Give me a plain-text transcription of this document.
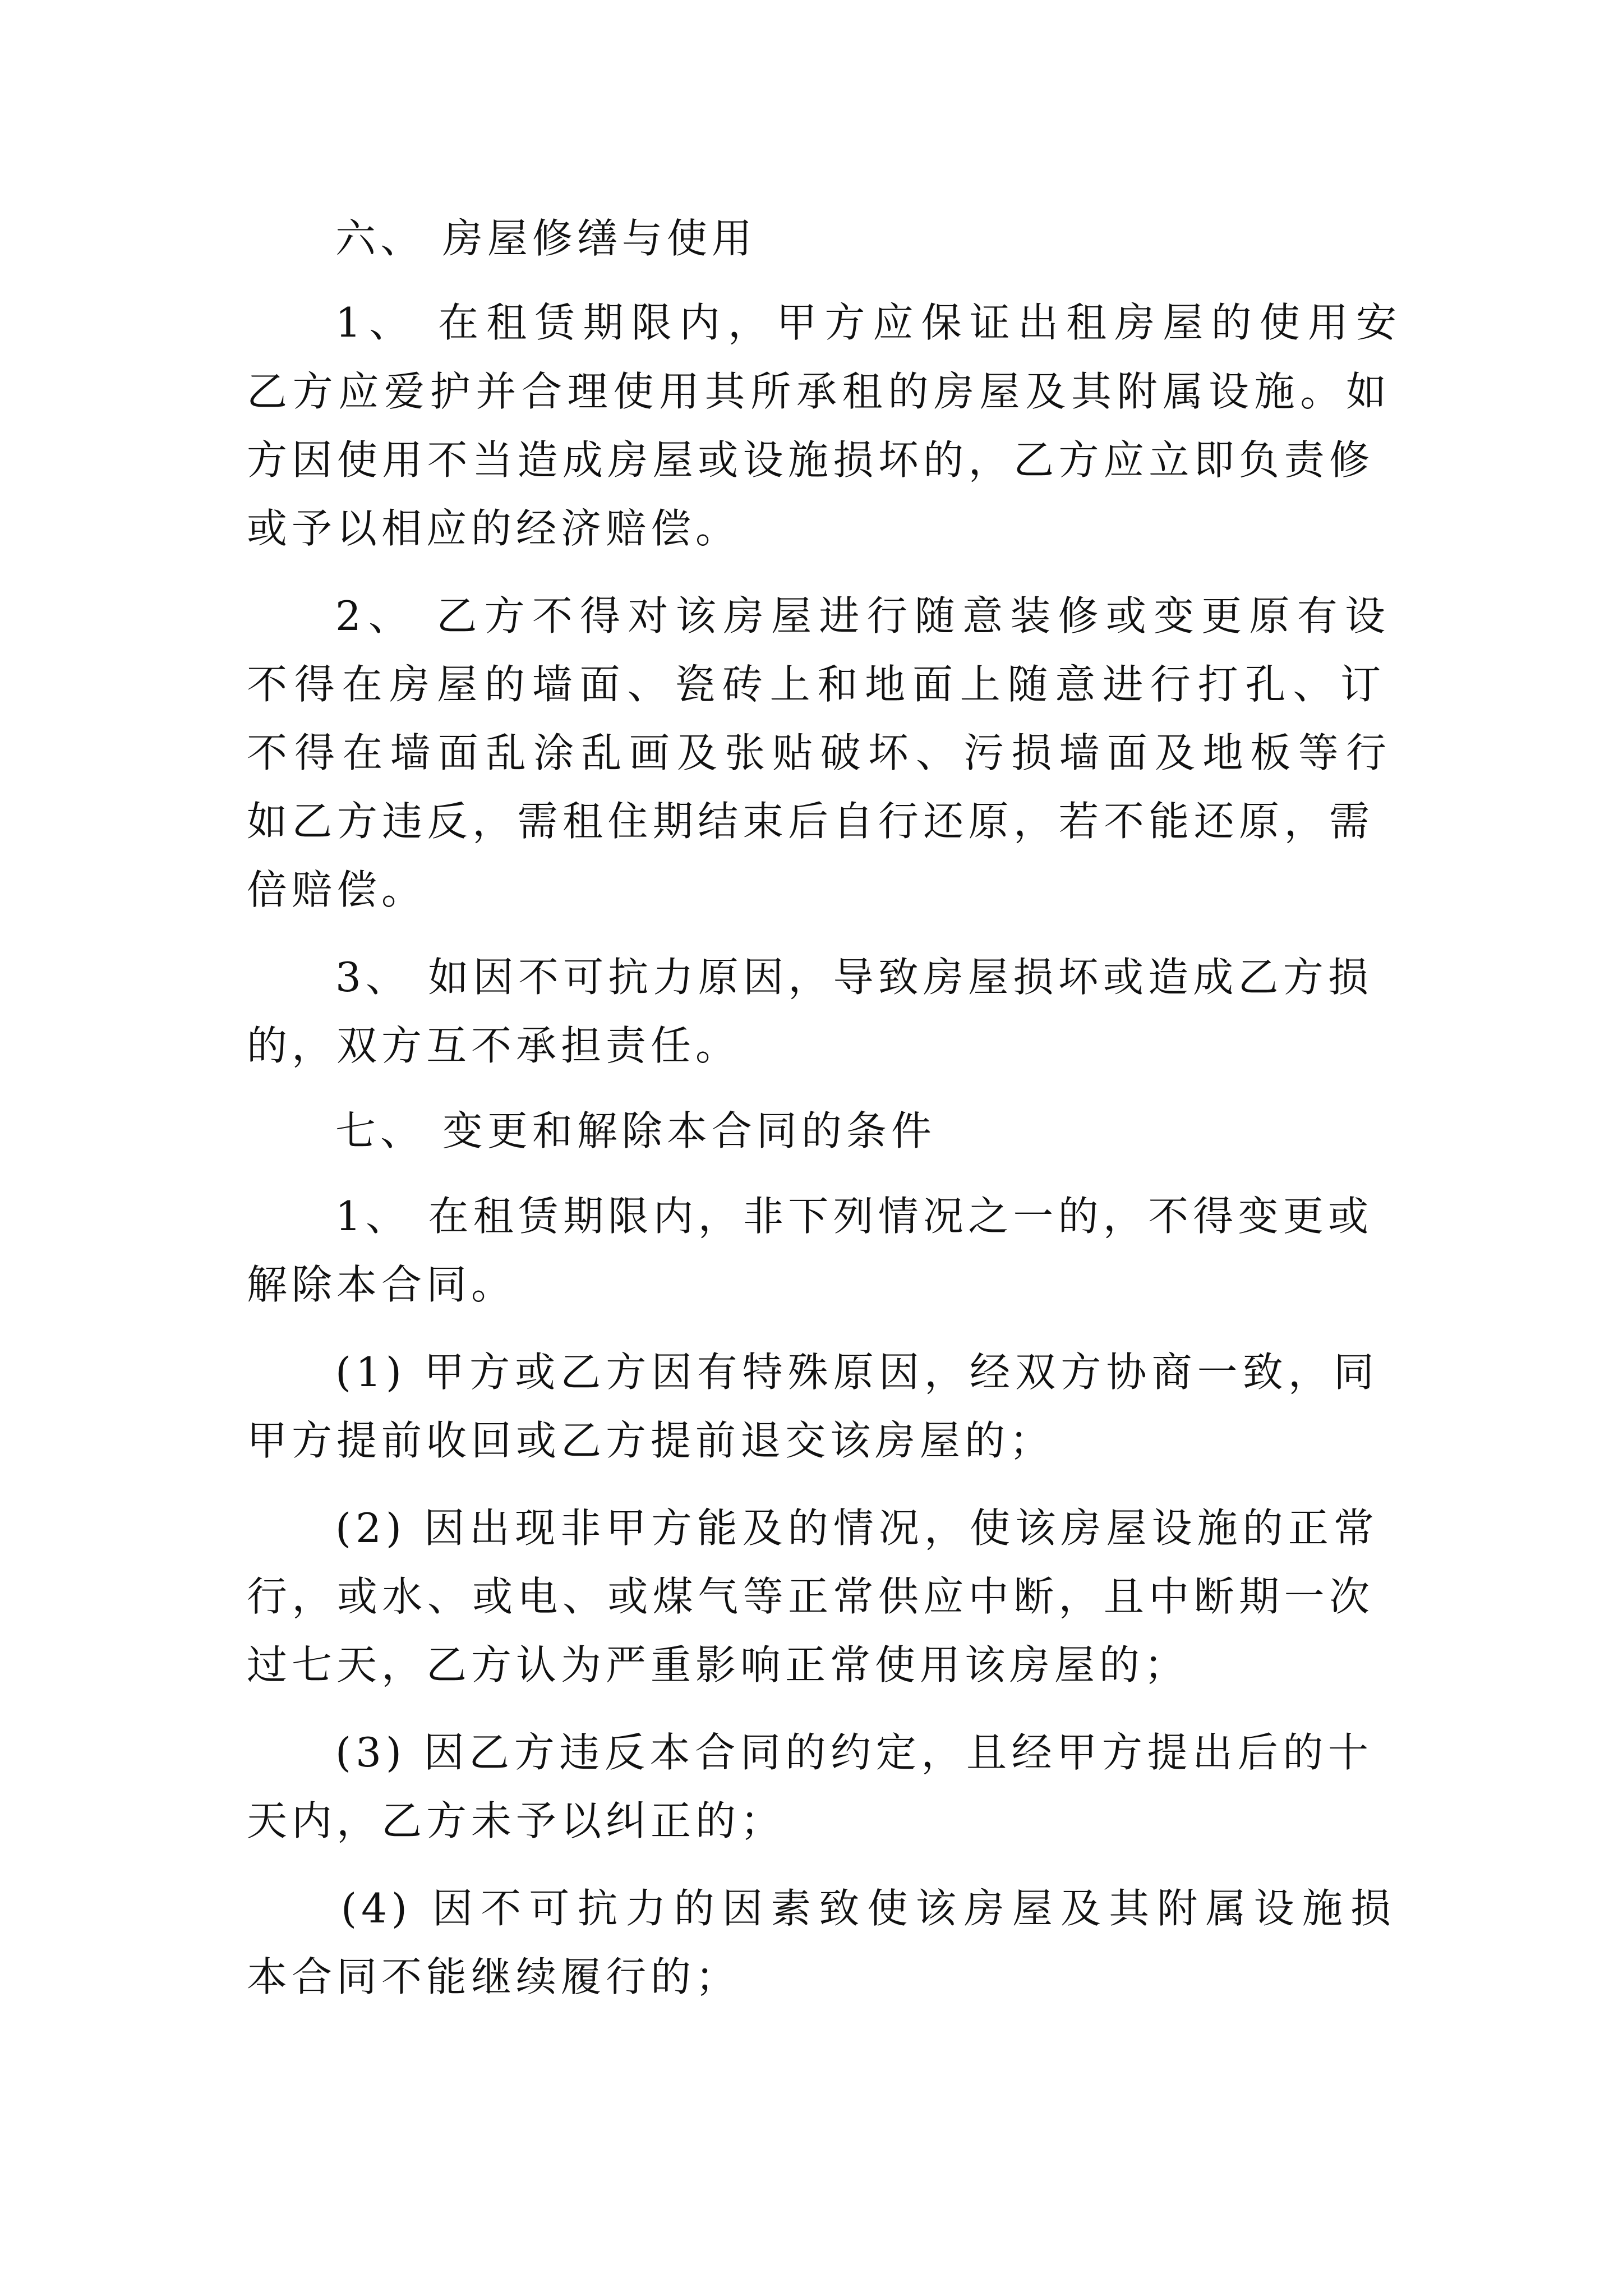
六、 房屋修缮与使用

1、 在租赁期限内，甲方应保证出租房屋的使用安

乙方应爱护并合理使用其所承租的房屋及其附属设施。如

方因使用不当造成房屋或设施损坏的，乙方应立即负责修

或予以相应的经济赔偿。

2、 乙方不得对该房屋进行随意装修或变更原有设

不得在房屋的墙面、瓷砖上和地面上随意进行打孔、订

不得在墙面乱涂乱画及张贴破坏、污损墙面及地板等行

如乙方违反，需租住期结束后自行还原，若不能还原，需

倍赔偿。

3、 如因不可抗力原因，导致房屋损坏或造成乙方损

的，双方互不承担责任。

七、 变更和解除本合同的条件

1、 在租赁期限内，非下列情况之一的，不得变更或

解除本合同。

(1) 甲方或乙方因有特殊原因，经双方协商一致，同

甲方提前收回或乙方提前退交该房屋的；

(2) 因出现非甲方能及的情况，使该房屋设施的正常

行，或水、或电、或煤气等正常供应中断，且中断期一次

过七天，乙方认为严重影响正常使用该房屋的；

(3) 因乙方违反本合同的约定，且经甲方提出后的十

天内，乙方未予以纠正的；

(4) 因不可抗力的因素致使该房屋及其附属设施损

本合同不能继续履行的；
